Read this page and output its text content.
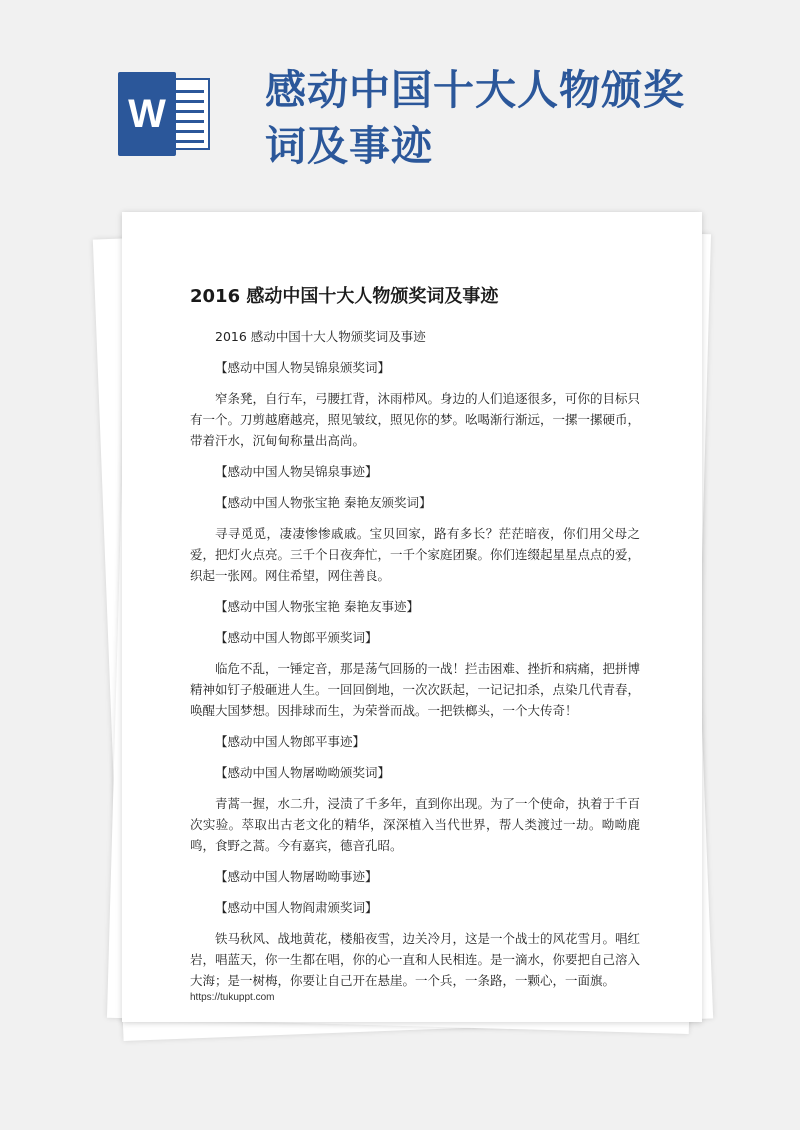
W 感动中国十大人物颁奖
词及事迹
2016 感动中国十大人物颁奖词及事迹

2016 感动中国十大人物颁奖词及事迹

【感动中国人物吴锦泉颁奖词】

窄条凳，自行车，弓腰扛背，沐雨栉风。身边的人们追逐很多，可你的目标只有一个。刀剪越磨越亮，照见皱纹，照见你的梦。吆喝渐行渐远，一摞一摞硬币，带着汗水，沉甸甸称量出高尚。

【感动中国人物吴锦泉事迹】

【感动中国人物张宝艳 秦艳友颁奖词】

寻寻觅觅，凄凄惨惨戚戚。宝贝回家，路有多长？茫茫暗夜，你们用父母之爱，把灯火点亮。三千个日夜奔忙，一千个家庭团聚。你们连缀起星星点点的爱，织起一张网。网住希望，网住善良。

【感动中国人物张宝艳 秦艳友事迹】

【感动中国人物郎平颁奖词】

临危不乱，一锤定音，那是荡气回肠的一战！拦击困难、挫折和病痛，把拼博精神如钉子般砸进人生。一回回倒地，一次次跃起，一记记扣杀，点染几代青春，唤醒大国梦想。因排球而生，为荣誉而战。一把铁榔头，一个大传奇！

【感动中国人物郎平事迹】

【感动中国人物屠呦呦颁奖词】

青蒿一握，水二升，浸渍了千多年，直到你出现。为了一个使命，执着于千百次实验。萃取出古老文化的精华，深深植入当代世界，帮人类渡过一劫。呦呦鹿鸣，食野之蒿。今有嘉宾，德音孔昭。

【感动中国人物屠呦呦事迹】

【感动中国人物阎肃颁奖词】

铁马秋风、战地黄花，楼船夜雪，边关冷月，这是一个战士的风花雪月。唱红岩，唱蓝天，你一生都在唱，你的心一直和人民相连。是一滴水，你要把自己溶入大海；是一树梅，你要让自己开在悬崖。一个兵，一条路，一颗心，一面旗。

https://tukuppt.com
